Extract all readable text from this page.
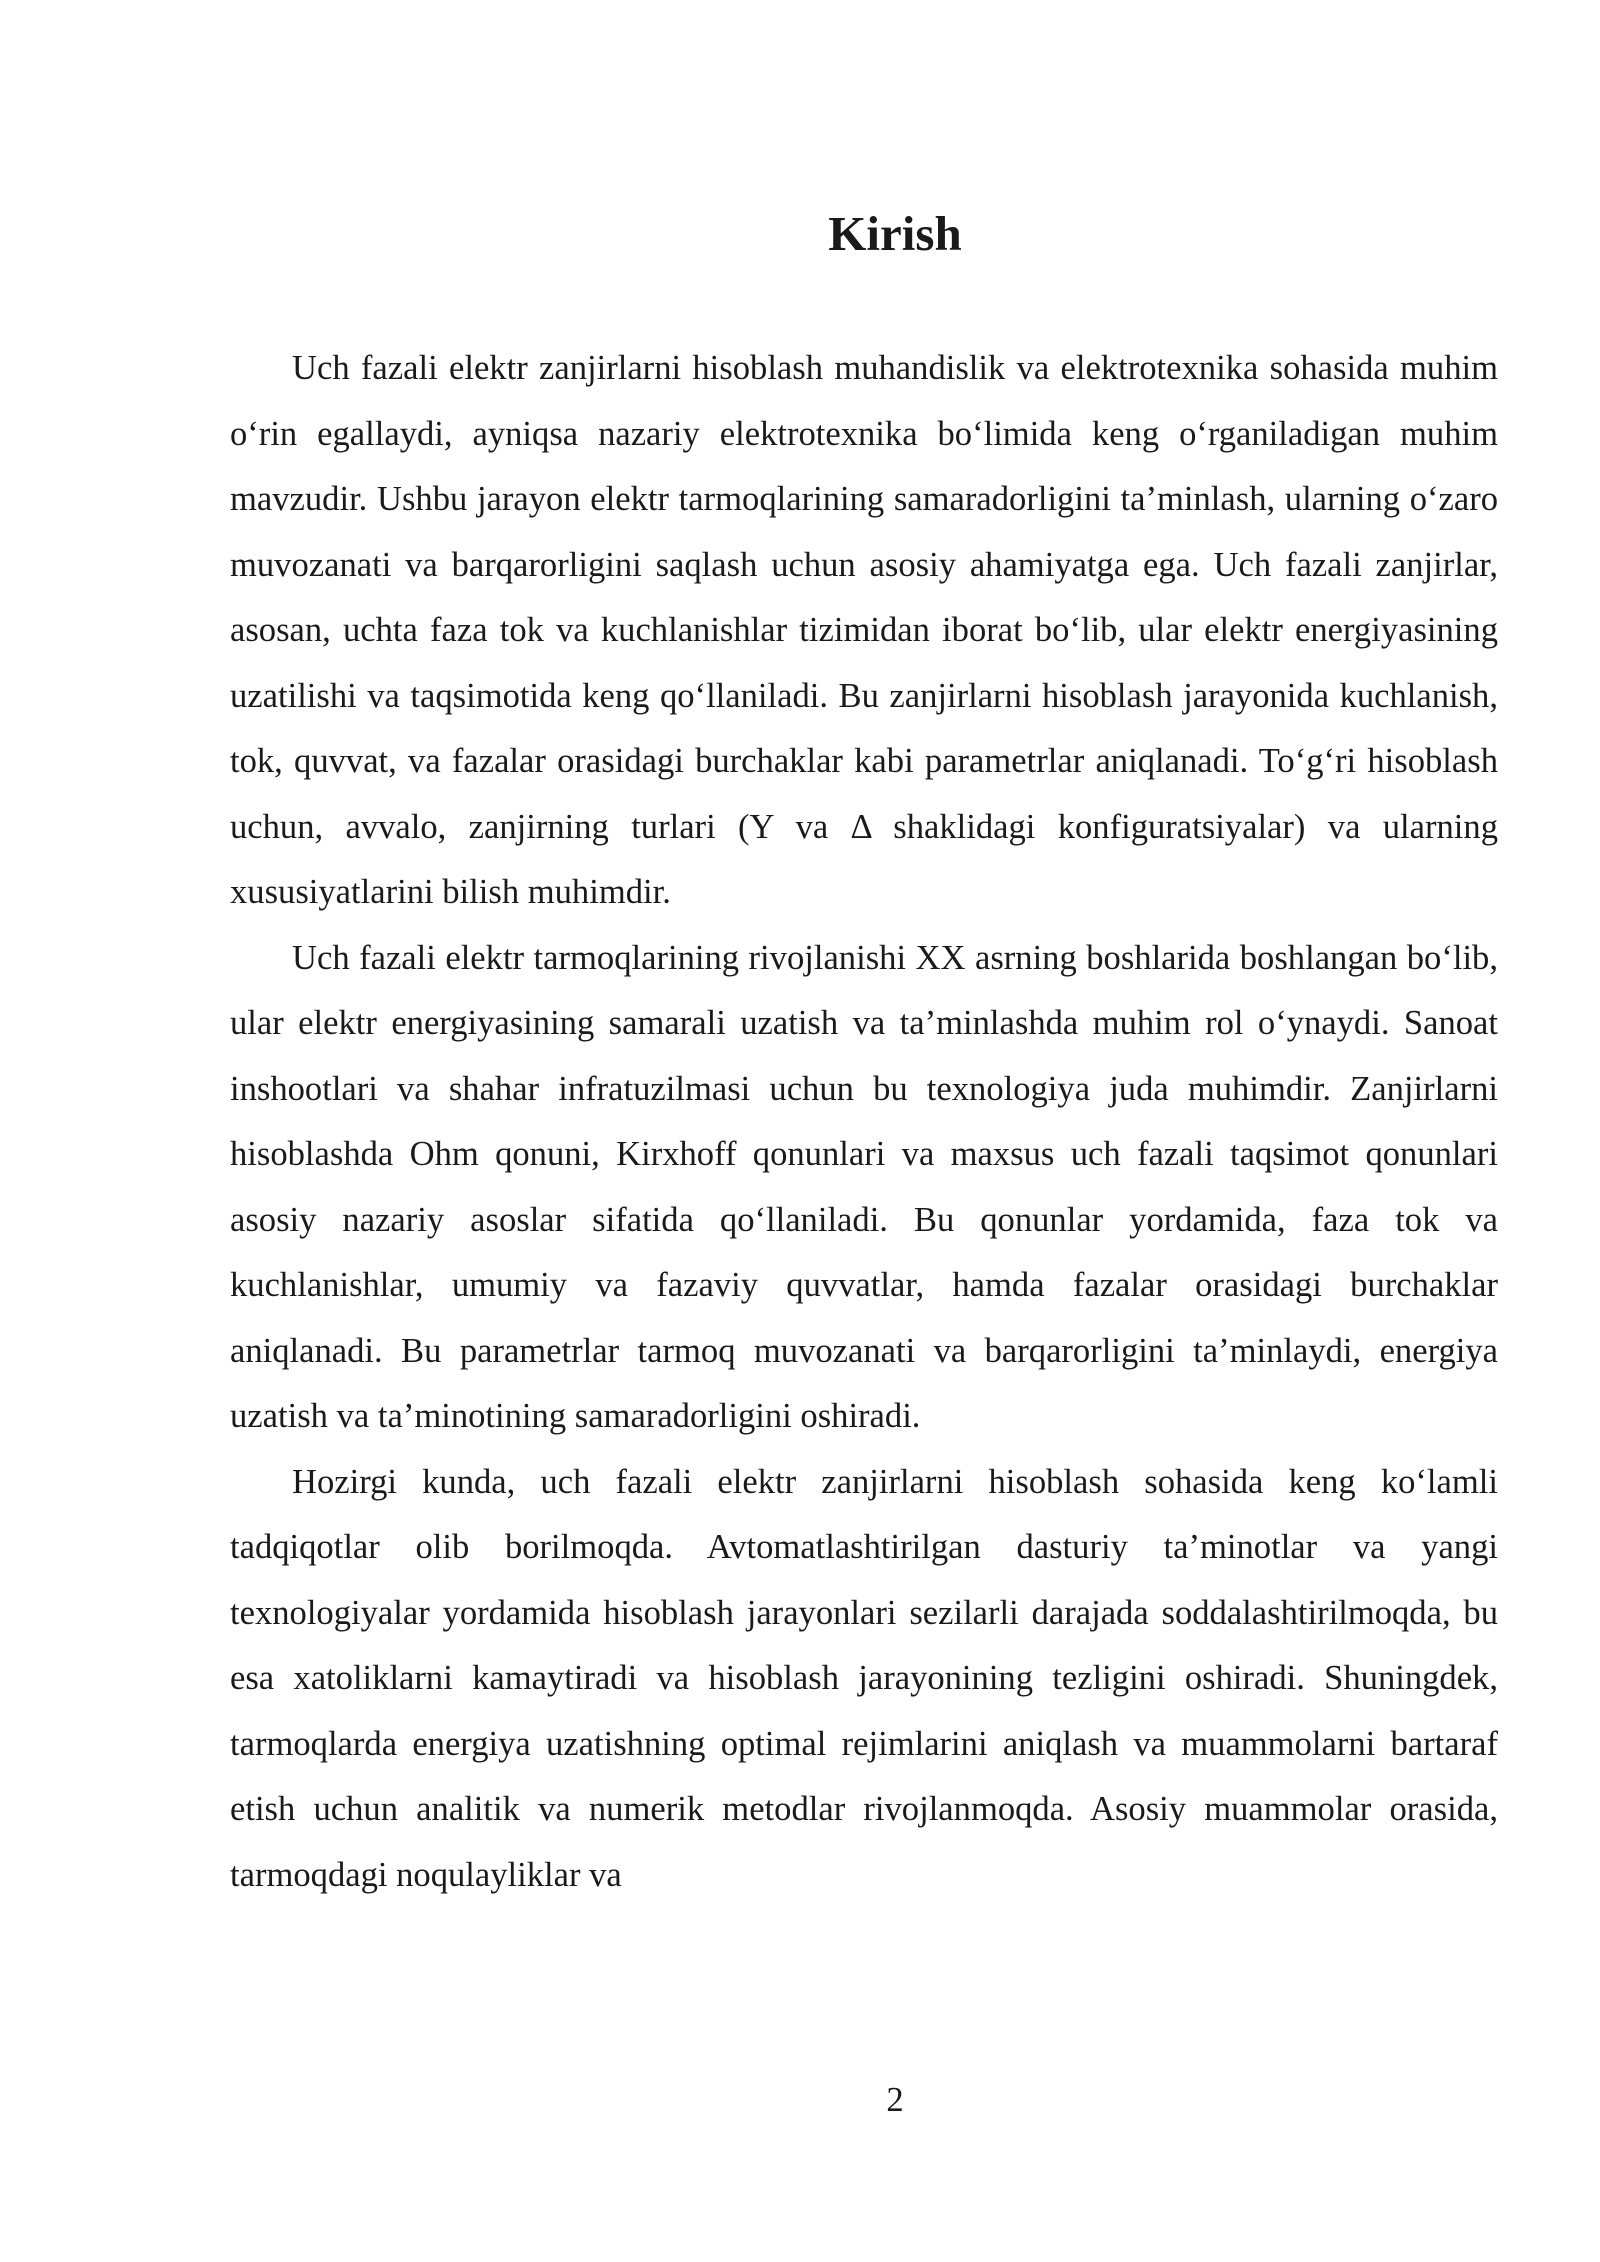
Kirish

Uch fazali elektr zanjirlarni hisoblash muhandislik va elektrotexnika sohasida muhim o‘rin egallaydi, ayniqsa nazariy elektrotexnika bo‘limida keng o‘rganiladigan muhim mavzudir. Ushbu jarayon elektr tarmoqlarining samaradorligini ta’minlash, ularning o‘zaro muvozanati va barqarorligini saqlash uchun asosiy ahamiyatga ega. Uch fazali zanjirlar, asosan, uchta faza tok va kuchlanishlar tizimidan iborat bo‘lib, ular elektr energiyasining uzatilishi va taqsimotida keng qo‘llaniladi. Bu zanjirlarni hisoblash jarayonida kuchlanish, tok, quvvat, va fazalar orasidagi burchaklar kabi parametrlar aniqlanadi. To‘g‘ri hisoblash uchun, avvalo, zanjirning turlari (Y va Δ shaklidagi konfiguratsiyalar) va ularning xususiyatlarini bilish muhimdir.

Uch fazali elektr tarmoqlarining rivojlanishi XX asrning boshlarida boshlangan bo‘lib, ular elektr energiyasining samarali uzatish va ta’minlashda muhim rol o‘ynaydi. Sanoat inshootlari va shahar infratuzilmasi uchun bu texnologiya juda muhimdir. Zanjirlarni hisoblashda Ohm qonuni, Kirxhoff qonunlari va maxsus uch fazali taqsimot qonunlari asosiy nazariy asoslar sifatida qo‘llaniladi. Bu qonunlar yordamida, faza tok va kuchlanishlar, umumiy va fazaviy quvvatlar, hamda fazalar orasidagi burchaklar aniqlanadi. Bu parametrlar tarmoq muvozanati va barqarorligini ta’minlaydi, energiya uzatish va ta’minotining samaradorligini oshiradi.

Hozirgi kunda, uch fazali elektr zanjirlarni hisoblash sohasida keng ko‘lamli tadqiqotlar olib borilmoqda. Avtomatlashtirilgan dasturiy ta’minotlar va yangi texnologiyalar yordamida hisoblash jarayonlari sezilarli darajada soddalashtirilmoqda, bu esa xatoliklarni kamaytiradi va hisoblash jarayonining tezligini oshiradi. Shuningdek, tarmoqlarda energiya uzatishning optimal rejimlarini aniqlash va muammolarni bartaraf etish uchun analitik va numerik metodlar rivojlanmoqda. Asosiy muammolar orasida, tarmoqdagi noqulayliklar va

2
